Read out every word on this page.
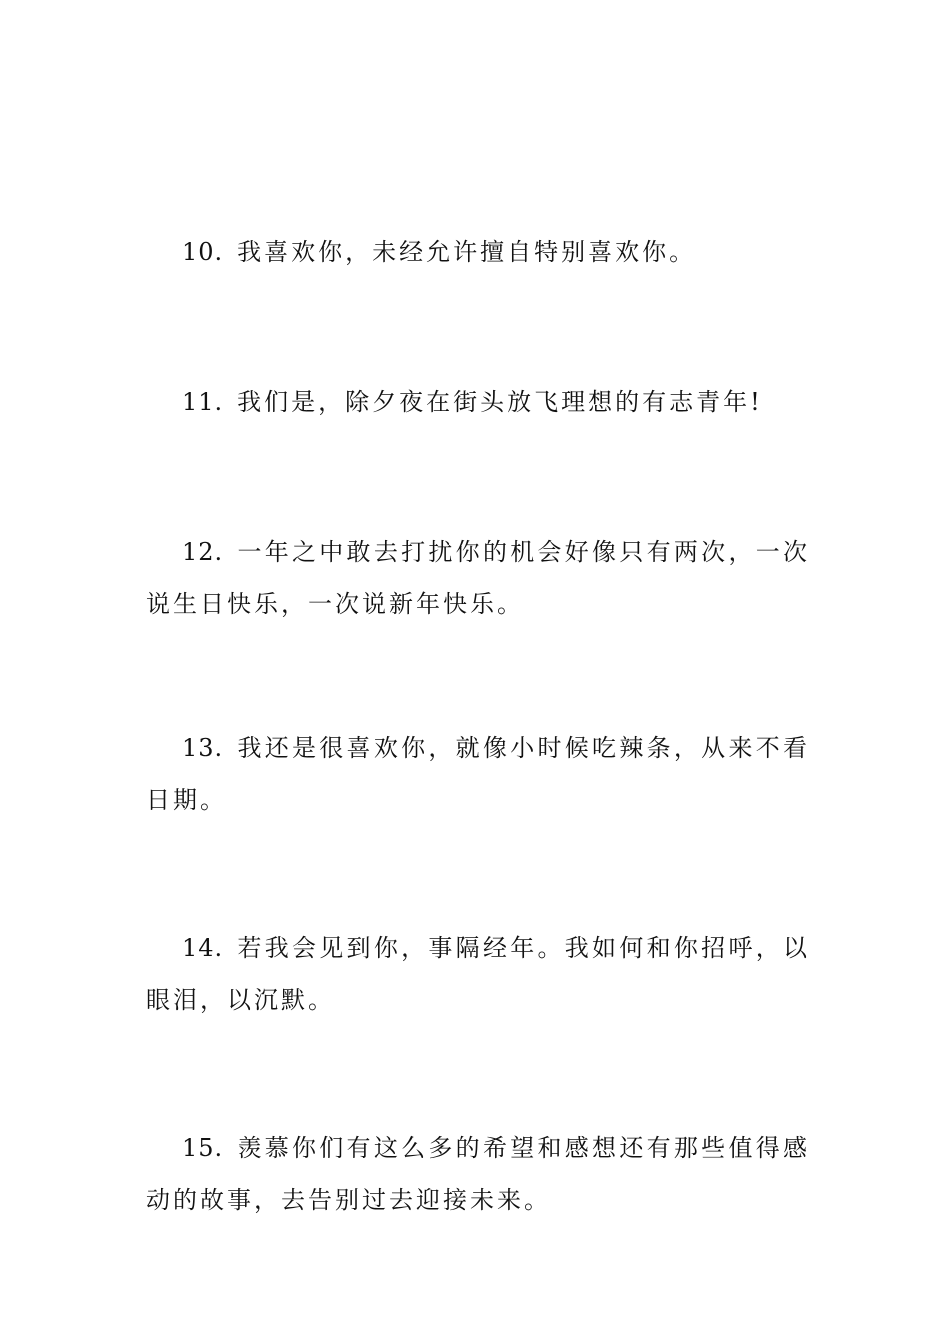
10. 我喜欢你，未经允许擅自特别喜欢你。

11. 我们是，除夕夜在街头放飞理想的有志青年!

12. 一年之中敢去打扰你的机会好像只有两次，一次说生日快乐，一次说新年快乐。

13. 我还是很喜欢你，就像小时候吃辣条，从来不看日期。

14. 若我会见到你，事隔经年。我如何和你招呼，以眼泪，以沉默。

15. 羡慕你们有这么多的希望和感想还有那些值得感动的故事，去告别过去迎接未来。
